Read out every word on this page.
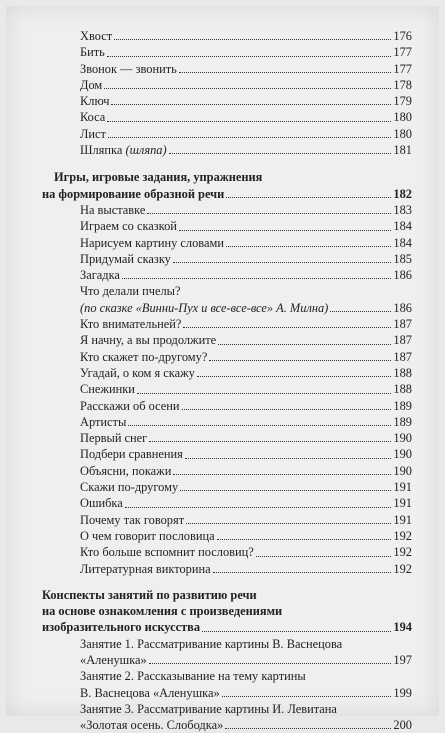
Хвост	176
Бить	177
Звонок — звонить	177
Дом	178
Ключ	179
Коса	180
Лист	180
Шляпка (шляпа)	181
Игры, игровые задания, упражнения
на формирование образной речи	182
На выставке	183
Играем со сказкой	184
Нарисуем картину словами	184
Придумай сказку	185
Загадка	186
Что делали пчелы?
(по сказке «Винни-Пух и все-все-все» А. Милна)	186
Кто внимательней?	187
Я начну, а вы продолжите	187
Кто скажет по-другому?	187
Угадай, о ком я скажу	188
Снежинки	188
Расскажи об осени	189
Артисты	189
Первый снег	190
Подбери сравнения	190
Объясни, покажи	190
Скажи по-другому	191
Ошибка	191
Почему так говорят	191
О чем говорит пословица	192
Кто больше вспомнит пословиц?	192
Литературная викторина	192
Конспекты занятий по развитию речи
на основе ознакомления с произведениями
изобразительного искусства	194
Занятие 1. Рассматривание картины В. Васнецова
«Аленушка»	197
Занятие 2. Рассказывание на тему картины
В. Васнецова «Аленушка»	199
Занятие 3. Рассматривание картины И. Левитана
«Золотая осень. Слободка»	200
